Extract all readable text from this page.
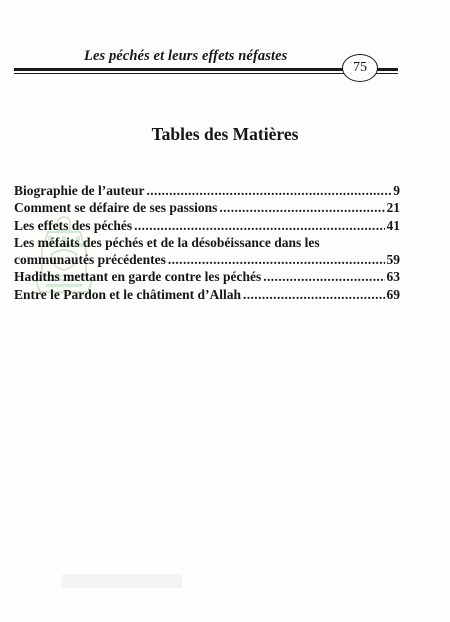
Les péchés et leurs effets néfastes
75
Tables des Matières
Biographie de l’auteur .....	9
Comment se défaire de ses passions .....	21
Les effets des péchés .....	41
Les méfaits des péchés et de la désobéissance dans les
communautés précédentes .....	59
Hadiths mettant en garde contre les péchés .....	63
Entre le Pardon et le châtiment d’Allah .....	69
